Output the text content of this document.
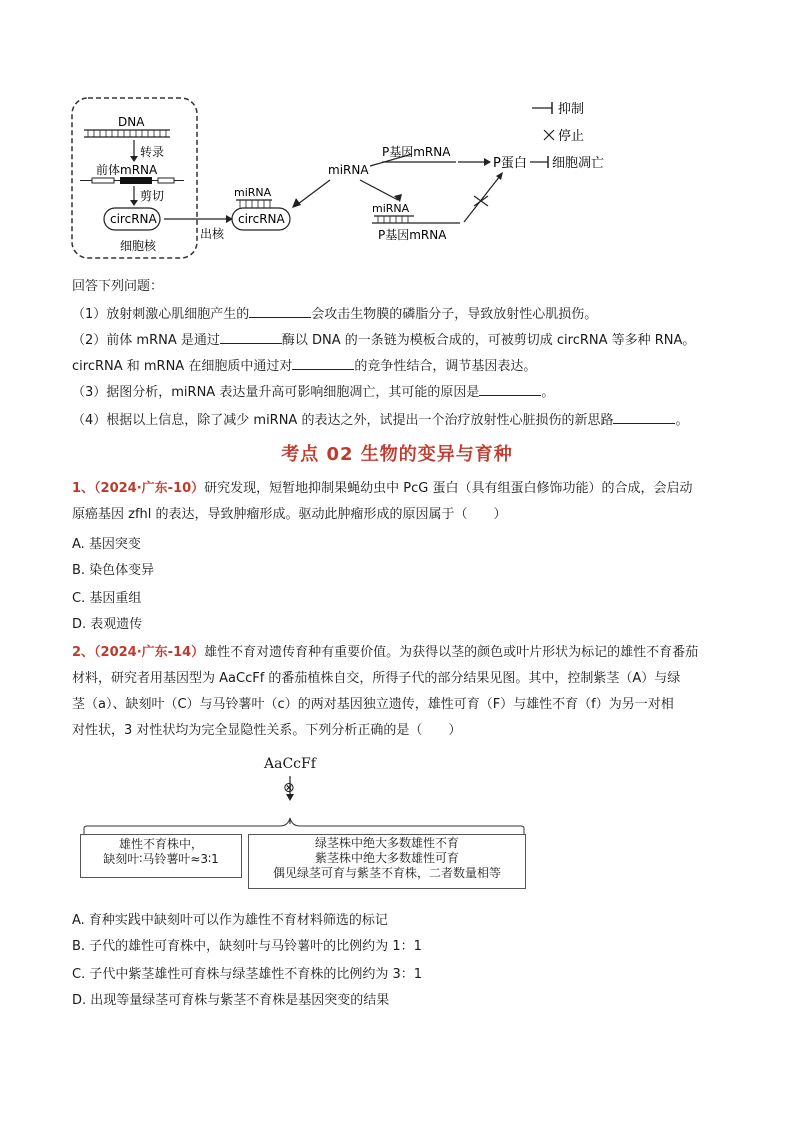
DNA
转录
前体mRNA
剪切
circRNA
细胞核
出核
miRNA
circRNA
miRNA
P基因mRNA
P蛋白 细胞凋亡
miRNA
P基因mRNA
抑制
停止
回答下列问题：
（1）放射刺激心肌细胞产生的	会攻击生物膜的磷脂分子，导致放射性心肌损伤。
（2）前体 mRNA 是通过	酶以 DNA 的一条链为模板合成的，可被剪切成 circRNA 等多种 RNA。
circRNA 和 mRNA 在细胞质中通过对	的竞争性结合，调节基因表达。
（3）据图分析，miRNA 表达量升高可影响细胞凋亡，其可能的原因是	。
（4）根据以上信息，除了减少 miRNA 的表达之外，试提出一个治疗放射性心脏损伤的新思路	。
考点 02 生物的变异与育种
1、（2024·广东-10）研究发现，短暂地抑制果蝇幼虫中 PcG 蛋白（具有组蛋白修饰功能）的合成，会启动
原癌基因 zfhl 的表达，导致肿瘤形成。驱动此肿瘤形成的原因属于（　　）
A. 基因突变
B. 染色体变异
C. 基因重组
D. 表观遗传
2、（2024·广东-14）雄性不育对遗传育种有重要价值。为获得以茎的颜色或叶片形状为标记的雄性不育番茄
材料，研究者用基因型为 AaCcFf 的番茄植株自交，所得子代的部分结果见图。其中，控制紫茎（A）与绿
茎（a）、缺刻叶（C）与马铃薯叶（c）的两对基因独立遗传，雄性可育（F）与雄性不育（f）为另一对相
对性状，3 对性状均为完全显隐性关系。下列分析正确的是（　　）
AaCcFf
⊗
雄性不育株中，
缺刻叶∶马铃薯叶≈3∶1
绿茎株中绝大多数雄性不育
紫茎株中绝大多数雄性可育
偶见绿茎可育与紫茎不育株，二者数量相等
A. 育种实践中缺刻叶可以作为雄性不育材料筛选的标记
B. 子代的雄性可育株中，缺刻叶与马铃薯叶的比例约为 1：1
C. 子代中紫茎雄性可育株与绿茎雄性不育株的比例约为 3：1
D. 出现等量绿茎可育株与紫茎不育株是基因突变的结果
